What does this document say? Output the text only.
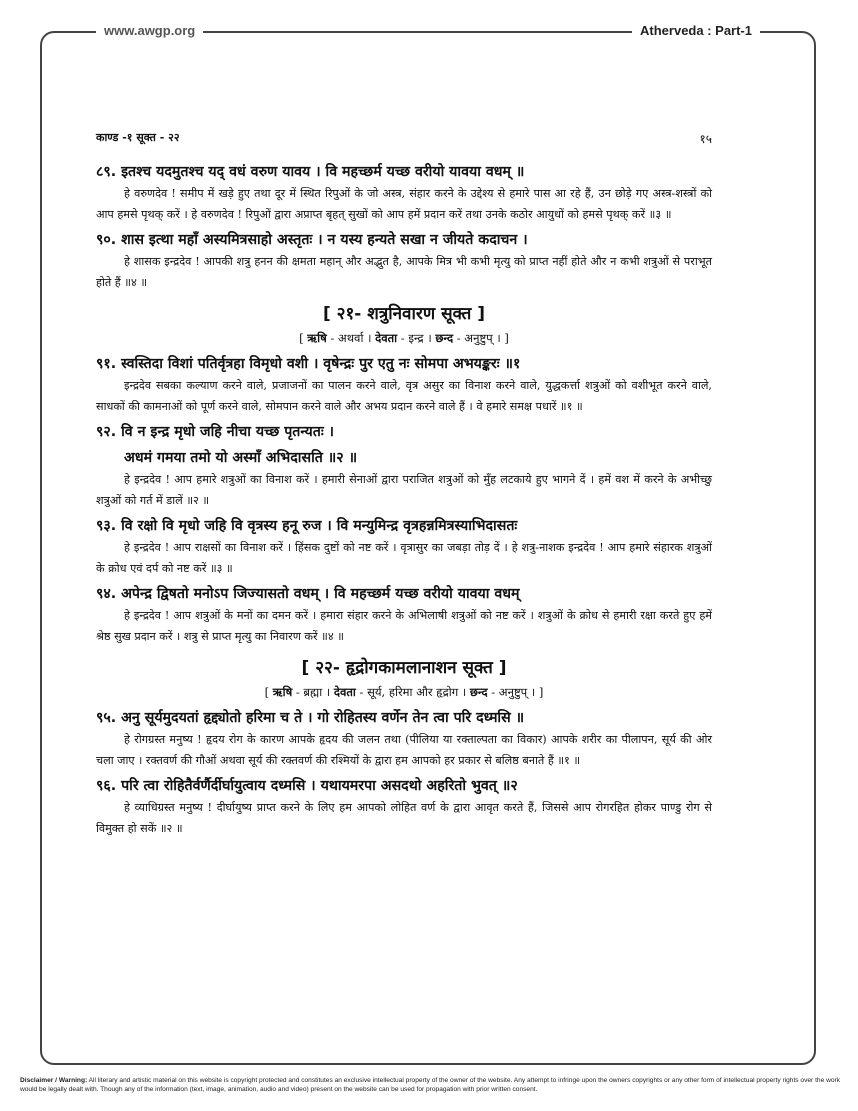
www.awgp.org	Atherveda : Part-1
काण्ड -१ सूक्त - २२	१५
८९. इतश्च यदमुतश्च यद् वधं वरुण यावय । वि महच्छर्म यच्छ वरीयो यावया वधम् ॥

हे वरुणदेव ! समीप में खड़े हुए तथा दूर में स्थित रिपुओं के जो अस्त्र, संहार करने के उद्देश्य से हमारे पास आ रहे हैं, उन छोड़े गए अस्त्र-शस्त्रों को आप हमसे पृथक् करें । हे वरुणदेव ! रिपुओं द्वारा अप्राप्त बृहत् सुखों को आप हमें प्रदान करें तथा उनके कठोर आयुधों को हमसे पृथक् करें ॥३ ॥

९०. शास इत्था महाँ अस्यमित्रसाहो अस्तृतः । न यस्य हन्यते सखा न जीयते कदाचन ।

हे शासक इन्द्रदेव ! आपकी शत्रु हनन की क्षमता महान् और अद्भुत है, आपके मित्र भी कभी मृत्यु को प्राप्त नहीं होते और न कभी शत्रुओं से पराभूत होते हैं ॥४ ॥

[ २१- शत्रुनिवारण सूक्त ]
[ ऋषि - अथर्वा । देवता - इन्द्र । छन्द - अनुष्टुप् । ]
९१. स्वस्तिदा विशां पतिर्वृत्रहा विमृधो वशी । वृषेन्द्रः पुर एतु नः सोमपा अभयङ्करः ॥१

इन्द्रदेव सबका कल्याण करने वाले, प्रजाजनों का पालन करने वाले, वृत्र असुर का विनाश करने वाले, युद्धकर्त्ता शत्रुओं को वशीभूत करने वाले, साधकों की कामनाओं को पूर्ण करने वाले, सोमपान करने वाले और अभय प्रदान करने वाले हैं । वे हमारे समक्ष पधारें ॥१ ॥

९२. वि न इन्द्र मृधो जहि नीचा यच्छ पृतन्यतः ।
अधमं गमया तमो यो अस्माँ अभिदासति ॥२ ॥

हे इन्द्रदेव ! आप हमारे शत्रुओं का विनाश करें । हमारी सेनाओं द्वारा पराजित शत्रुओं को मुँह लटकाये हुए भागने दें । हमें वश में करने के अभीच्छु शत्रुओं को गर्त में डालें ॥२ ॥

९३. वि रक्षो वि मृधो जहि वि वृत्रस्य हनू रुज । वि मन्युमिन्द्र वृत्रहन्नमित्रस्याभिदासतः

हे इन्द्रदेव ! आप राक्षसों का विनाश करें । हिंसक दुष्टों को नष्ट करें । वृत्रासुर का जबड़ा तोड़ दें । हे शत्रु-नाशक इन्द्रदेव ! आप हमारे संहारक शत्रुओं के क्रोध एवं दर्प को नष्ट करें ॥३ ॥

९४. अपेन्द्र द्विषतो मनोऽप जिज्यासतो वधम् । वि महच्छर्म यच्छ वरीयो यावया वधम्

हे इन्द्रदेव ! आप शत्रुओं के मनों का दमन करें । हमारा संहार करने के अभिलाषी शत्रुओं को नष्ट करें । शत्रुओं के क्रोध से हमारी रक्षा करते हुए हमें श्रेष्ठ सुख प्रदान करें । शत्रु से प्राप्त मृत्यु का निवारण करें ॥४ ॥

[ २२- हृद्रोगकामलानाशन सूक्त ]
[ ऋषि - ब्रह्मा । देवता - सूर्य, हरिमा और हृद्रोग । छन्द - अनुष्टुप् । ]
९५. अनु सूर्यमुदयतां हृद्द्योतो हरिमा च ते । गो रोहितस्य वर्णेन तेन त्वा परि दध्मसि ॥

हे रोगग्रस्त मनुष्य ! हृदय रोग के कारण आपके हृदय की जलन तथा (पीलिया या रक्ताल्पता का विकार) आपके शरीर का पीलापन, सूर्य की ओर चला जाए । रक्तवर्ण की गौओं अथवा सूर्य की रक्तवर्ण की रश्मियों के द्वारा हम आपको हर प्रकार से बलिष्ठ बनाते हैं ॥१ ॥

९६. परि त्वा रोहितैर्वर्णैर्दीर्घायुत्वाय दध्मसि । यथायमरपा असदथो अहरितो भुवत् ॥२

हे व्याधिग्रस्त मनुष्य ! दीर्घायुष्य प्राप्त करने के लिए हम आपको लोहित वर्ण के द्वारा आवृत करते हैं, जिससे आप रोगरहित होकर पाण्डु रोग से विमुक्त हो सकें ॥२ ॥

Disclaimer / Warning: All literary and artistic material on this website is copyright protected and constitutes an exclusive intellectual property of the owner of the website. Any attempt to infringe upon the owners copyrights or any other form of intellectual property rights over the work would be legally dealt with. Though any of the information (text, image, animation, audio and video) present on the website can be used for propagation with prior written consent.
